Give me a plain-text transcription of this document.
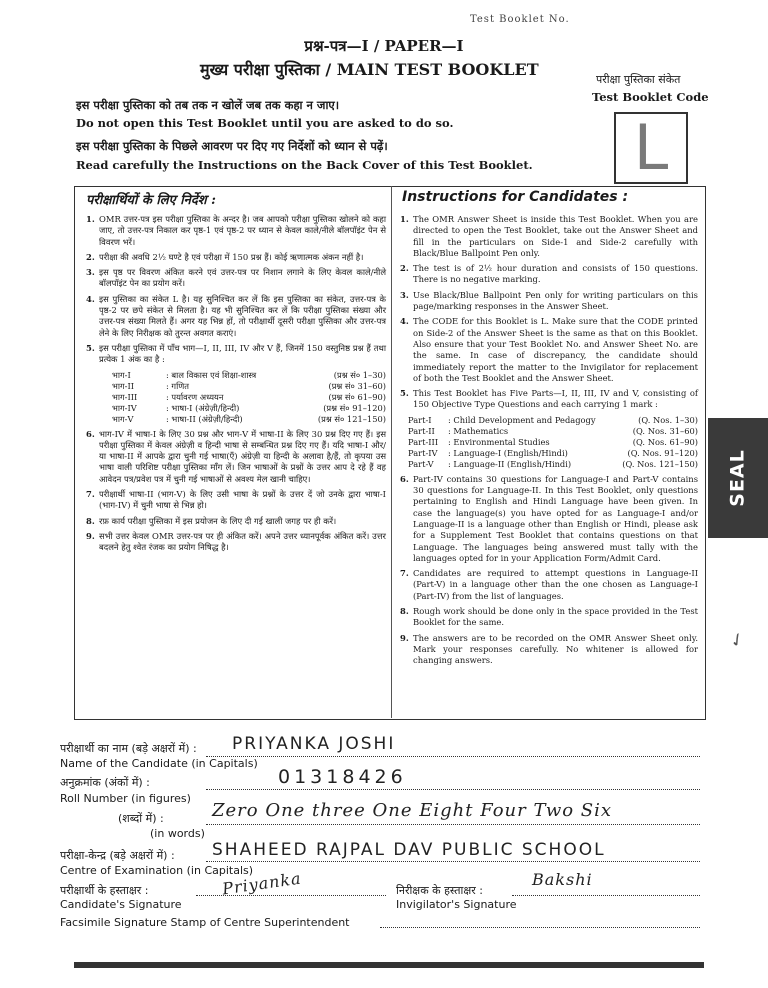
Test Booklet No.
प्रश्न-पत्र—I / PAPER—I
मुख्य परीक्षा पुस्तिका / MAIN TEST BOOKLET
परीक्षा पुस्तिका संकेत
Test Booklet Code
L
इस परीक्षा पुस्तिका को तब तक न खोलें जब तक कहा न जाए।
Do not open this Test Booklet until you are asked to do so.
इस परीक्षा पुस्तिका के पिछले आवरण पर दिए गए निर्देशों को ध्यान से पढ़ें।
Read carefully the Instructions on the Back Cover of this Test Booklet.
परीक्षार्थियों के लिए निर्देश :	Instructions for Candidates :
1. OMR उत्तर-पत्र इस परीक्षा पुस्तिका के अन्दर है। जब आपको परीक्षा पुस्तिका खोलने को कहा जाए, तो उत्तर-पत्र निकाल कर पृष्ठ-1 एवं पृष्ठ-2 पर ध्यान से केवल काले/नीले बॉलपॉइंट पेन से विवरण भरें।
2. परीक्षा की अवधि 2½ घण्टे है एवं परीक्षा में 150 प्रश्न हैं। कोई ऋणात्मक अंकन नहीं है।
3. इस पृष्ठ पर विवरण अंकित करने एवं उत्तर-पत्र पर निशान लगाने के लिए केवल काले/नीले बॉलपॉइंट पेन का प्रयोग करें।
4. इस पुस्तिका का संकेत L है। यह सुनिश्चित कर लें कि इस पुस्तिका का संकेत, उत्तर-पत्र के पृष्ठ-2 पर छपे संकेत से मिलता है। यह भी सुनिश्चित कर लें कि परीक्षा पुस्तिका संख्या और उत्तर-पत्र संख्या मिलते हैं। अगर यह भिन्न हों, तो परीक्षार्थी दूसरी परीक्षा पुस्तिका और उत्तर-पत्र लेने के लिए निरीक्षक को तुरन्त अवगत कराएं।
5. इस परीक्षा पुस्तिका में पाँच भाग—I, II, III, IV और V हैं, जिनमें 150 वस्तुनिष्ठ प्रश्न हैं तथा प्रत्येक 1 अंक का है :
भाग-I	: बाल विकास एवं शिक्षा-शास्त्र	(प्रश्न सं० 1–30)
भाग-II	: गणित	(प्रश्न सं० 31–60)
भाग-III	: पर्यावरण अध्ययन	(प्रश्न सं० 61–90)
भाग-IV	: भाषा-I (अंग्रेज़ी/हिन्दी)	(प्रश्न सं० 91–120)
भाग-V	: भाषा-II (अंग्रेज़ी/हिन्दी)	(प्रश्न सं० 121–150)
6. भाग-IV में भाषा-I के लिए 30 प्रश्न और भाग-V में भाषा-II के लिए 30 प्रश्न दिए गए हैं। इस परीक्षा पुस्तिका में केवल अंग्रेज़ी व हिन्दी भाषा से सम्बन्धित प्रश्न दिए गए हैं। यदि भाषा-I और/या भाषा-II में आपके द्वारा चुनी गई भाषा(एँ) अंग्रेज़ी या हिन्दी के अलावा है/हैं, तो कृपया उस भाषा वाली परिशिष्ट परीक्षा पुस्तिका माँग लें। जिन भाषाओं के प्रश्नों के उत्तर आप दे रहे हैं वह आवेदन पत्र/प्रवेश पत्र में चुनी गई भाषाओं से अवश्य मेल खानी चाहिए।
7. परीक्षार्थी भाषा-II (भाग-V) के लिए उसी भाषा के प्रश्नों के उत्तर दें जो उनके द्वारा भाषा-I (भाग-IV) में चुनी भाषा से भिन्न हो।
8. रफ़ कार्य परीक्षा पुस्तिका में इस प्रयोजन के लिए दी गई खाली जगह पर ही करें।
9. सभी उत्तर केवल OMR उत्तर-पत्र पर ही अंकित करें। अपने उत्तर ध्यानपूर्वक अंकित करें। उत्तर बदलने हेतु श्वेत रंजक का प्रयोग निषिद्ध है।
1. The OMR Answer Sheet is inside this Test Booklet. When you are directed to open the Test Booklet, take out the Answer Sheet and fill in the particulars on Side-1 and Side-2 carefully with Black/Blue Ballpoint Pen only.
2. The test is of 2½ hour duration and consists of 150 questions. There is no negative marking.
3. Use Black/Blue Ballpoint Pen only for writing particulars on this page/marking responses in the Answer Sheet.
4. The CODE for this Booklet is L. Make sure that the CODE printed on Side-2 of the Answer Sheet is the same as that on this Booklet. Also ensure that your Test Booklet No. and Answer Sheet No. are the same. In case of discrepancy, the candidate should immediately report the matter to the Invigilator for replacement of both the Test Booklet and the Answer Sheet.
5. This Test Booklet has Five Parts—I, II, III, IV and V, consisting of 150 Objective Type Questions and each carrying 1 mark :
Part-I	: Child Development and Pedagogy	(Q. Nos. 1–30)
Part-II	: Mathematics	(Q. Nos. 31–60)
Part-III	: Environmental Studies	(Q. Nos. 61–90)
Part-IV	: Language-I (English/Hindi)	(Q. Nos. 91–120)
Part-V	: Language-II (English/Hindi)	(Q. Nos. 121–150)
6. Part-IV contains 30 questions for Language-I and Part-V contains 30 questions for Language-II. In this Test Booklet, only questions pertaining to English and Hindi Language have been given. In case the language(s) you have opted for as Language-I and/or Language-II is a language other than English or Hindi, please ask for a Supplement Test Booklet that contains questions on that Language. The languages being answered must tally with the languages opted for in your Application Form/Admit Card.
7. Candidates are required to attempt questions in Language-II (Part-V) in a language other than the one chosen as Language-I (Part-IV) from the list of languages.
8. Rough work should be done only in the space provided in the Test Booklet for the same.
9. The answers are to be recorded on the OMR Answer Sheet only. Mark your responses carefully. No whitener is allowed for changing answers.
SEAL
✓
परीक्षार्थी का नाम (बड़े अक्षरों में) :
Name of the Candidate (in Capitals)
PRIYANKA JOSHI
अनुक्रमांक (अंकों में) :
Roll Number (in figures)
01318426
(शब्दों में) :
(in words)
Zero One three One Eight Four Two Six
परीक्षा-केन्द्र (बड़े अक्षरों में) :
Centre of Examination (in Capitals)
SHAHEED RAJPAL DAV PUBLIC SCHOOL
परीक्षार्थी के हस्ताक्षर :
Candidate's Signature
Priyanka	निरीक्षक के हस्ताक्षर :
Invigilator's Signature
Bakshi
Facsimile Signature Stamp of Centre Superintendent
